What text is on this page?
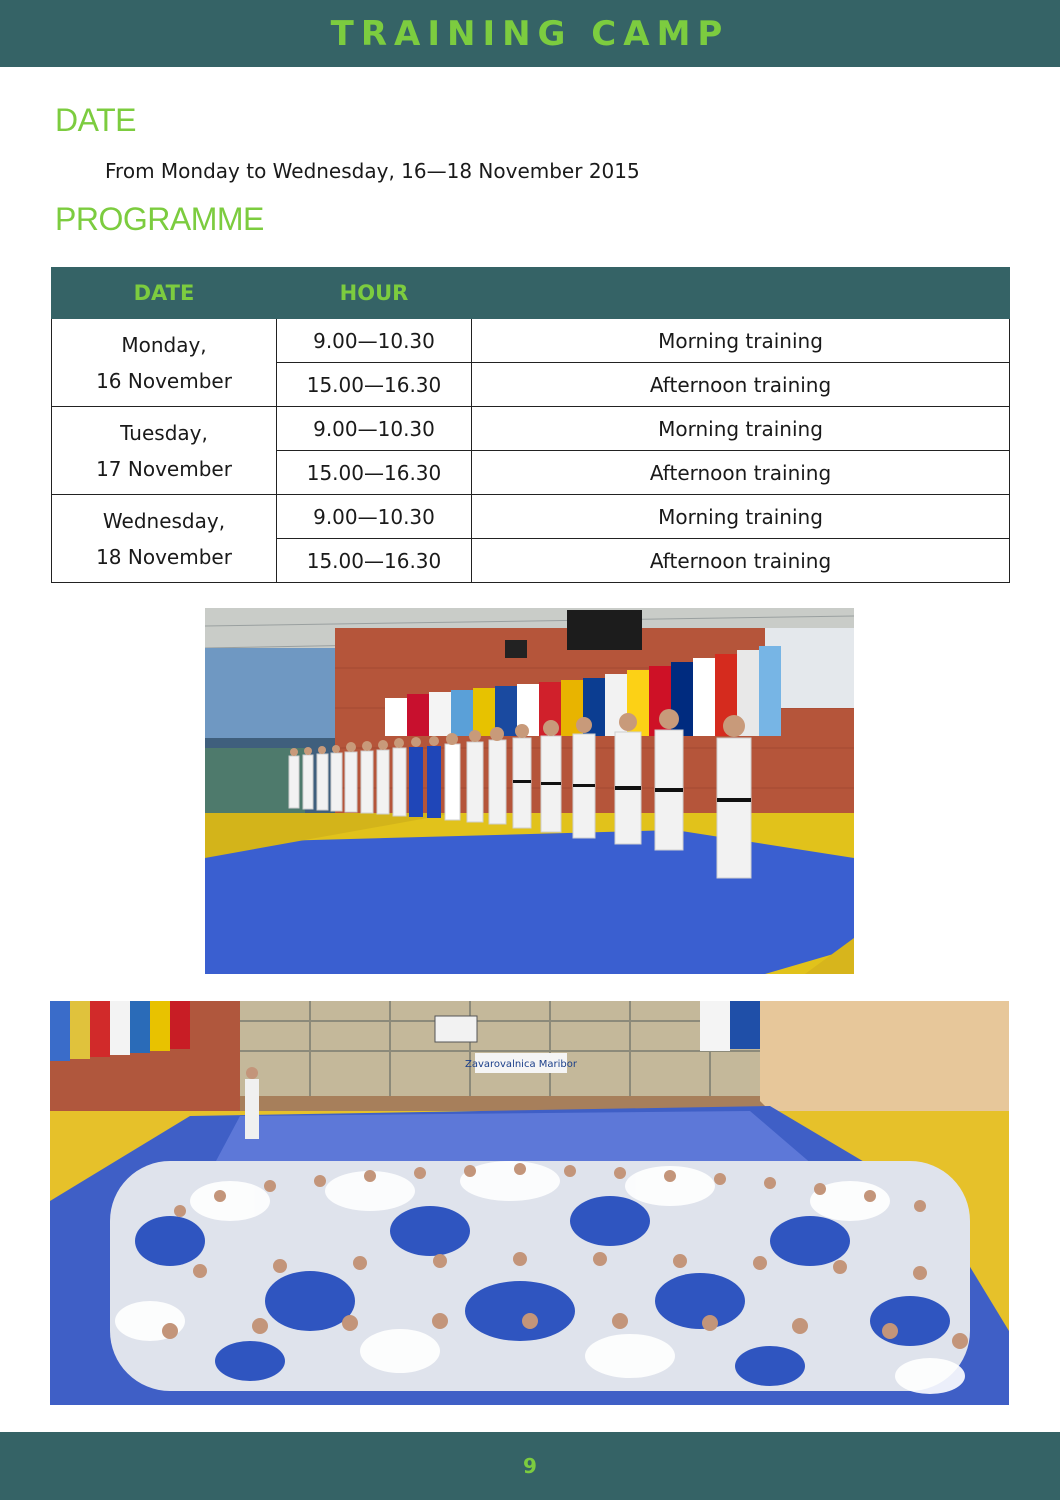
TRAINING CAMP
DATE
From Monday to Wednesday, 16—18 November 2015
PROGRAMME
DATE	HOUR	

Monday,
16 November	9.00—10.30	Morning training
	15.00—16.30	Afternoon training

Tuesday,
17 November	9.00—10.30	Morning training
	15.00—16.30	Afternoon training

Wednesday,
18 November	9.00—10.30	Morning training
	15.00—16.30	Afternoon training
Zavarovalnica Maribor
9
